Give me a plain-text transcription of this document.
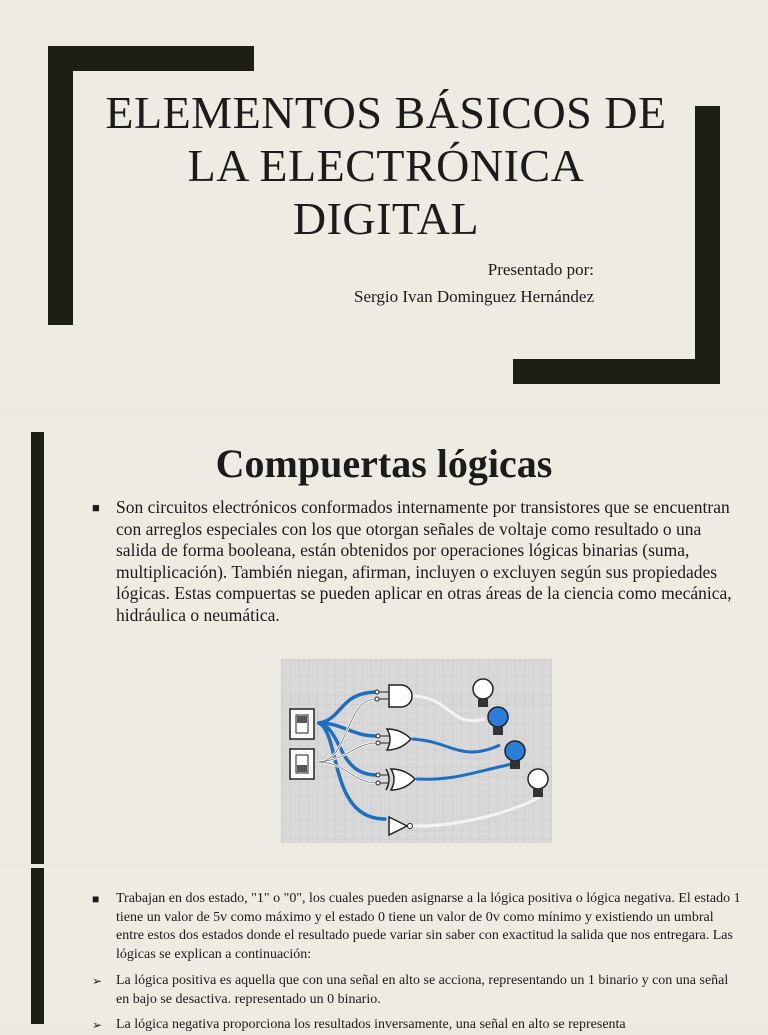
ELEMENTOS BÁSICOS DE LA ELECTRÓNICA DIGITAL
Presentado por:
Sergio Ivan Dominguez Hernández
Compuertas lógicas
■ Son circuitos electrónicos conformados internamente por transistores que se encuentran con arreglos especiales con los que otorgan señales de voltaje como resultado o una salida de forma booleana, están obtenidos por operaciones lógicas binarias (suma, multiplicación). También niegan, afirman, incluyen o excluyen según sus propiedades lógicas. Estas compuertas se pueden aplicar en otras áreas de la ciencia como mecánica, hidráulica o neumática.
■ Trabajan en dos estado, "1" o "0", los cuales pueden asignarse a la lógica positiva o lógica negativa. El estado 1 tiene un valor de 5v como máximo y el estado 0 tiene un valor de 0v como mínimo y existiendo un umbral entre estos dos estados donde el resultado puede variar sin saber con exactitud la salida que nos entregara. Las lógicas se explican a continuación:
➢ La lógica positiva es aquella que con una señal en alto se acciona, representando un 1 binario y con una señal en bajo se desactiva. representado un 0 binario.
➢ La lógica negativa proporciona los resultados inversamente, una señal en alto se representa
